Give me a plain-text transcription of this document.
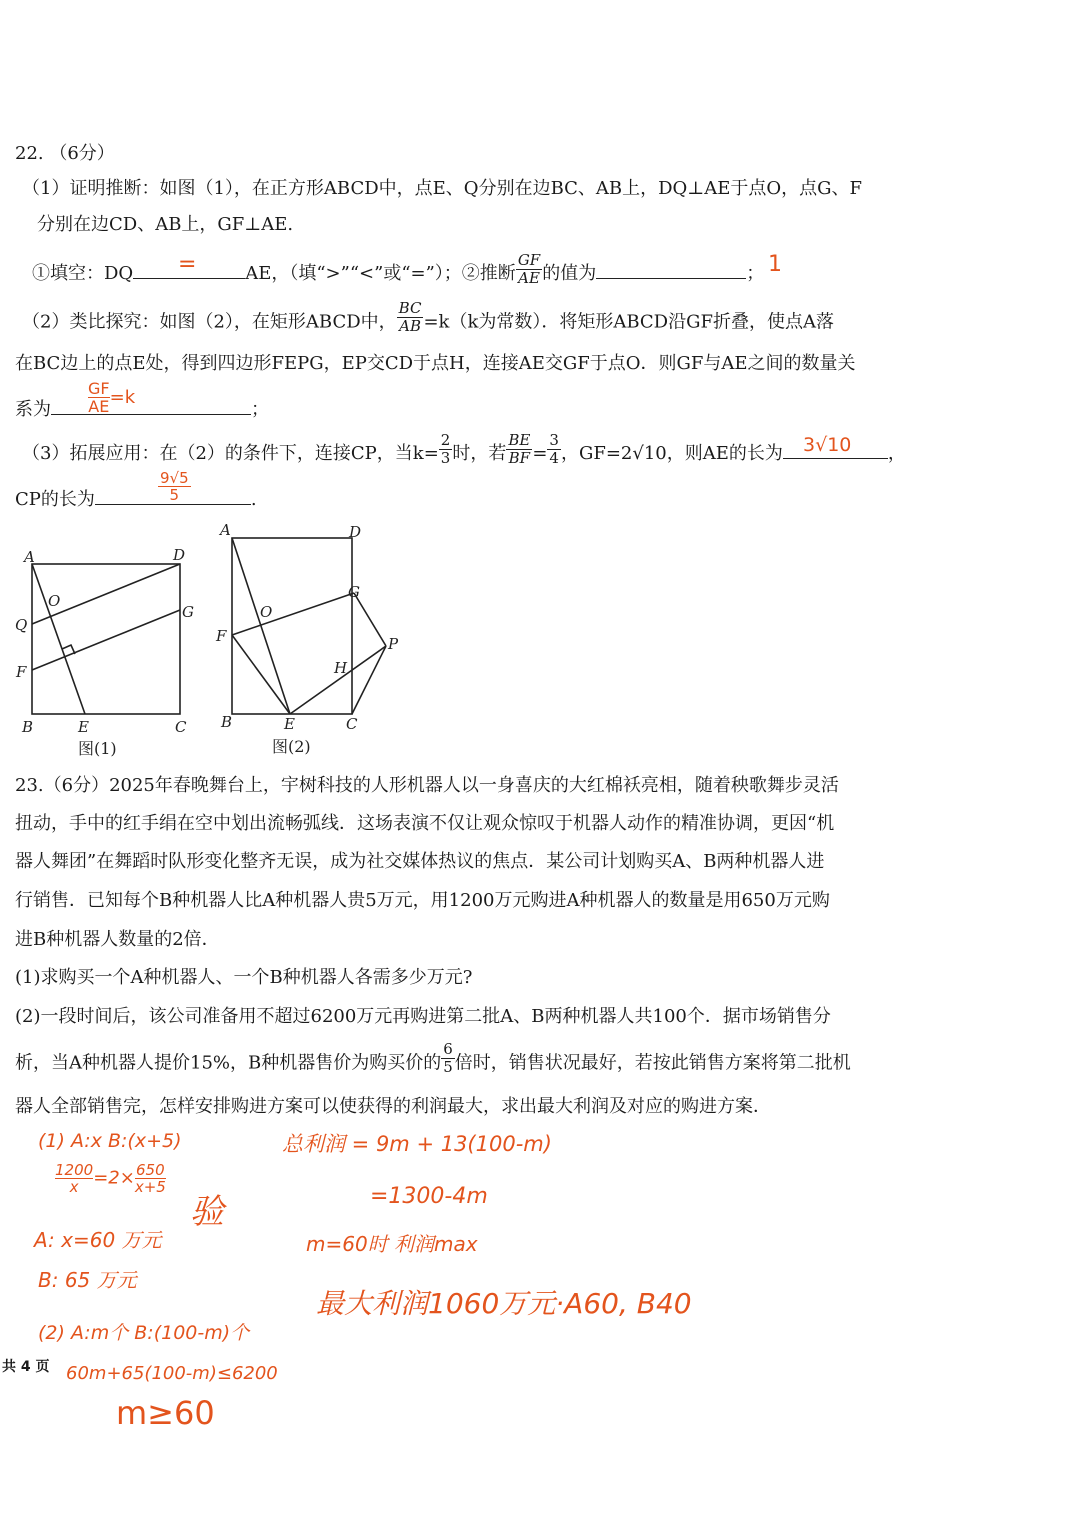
22. （6分）
（1）证明推断：如图（1），在正方形ABCD中，点E、Q分别在边BC、AB上，DQ⊥AE于点O，点G、F
分别在边CD、AB上，GF⊥AE.
①填空：DQ	AE，（填“>”“<”或“=”）；②推断 $\frac{GF}{AE}$ 的值为	；
=	1
（2）类比探究：如图（2），在矩形ABCD中， $\frac{BC}{AB} =k(k$为常数）．将矩形ABCD沿GF折叠，使点A落
在BC边上的点E处，得到四边形FEPG，EP交CD于点H，连接AE交GF于点O．则GF与AE之间的数量关
系为	；
$\frac{GF}{AE} =k$
（3）拓展应用：在（2）的条件下，连接CP，当$k= \frac{2}{3}$ 时，若 $\frac{BE}{BF} = \frac{3}{4}$ ，GF=2√10，则AE的长为	，
3√10
CP的长为	.
9√5
5
A	D
Q
O
G
F
B	E	C
图(1)
A	D
O
G
F	P
H
B	E	C
图(2)
23.（6分）2025年春晚舞台上，宇树科技的人形机器人以一身喜庆的大红棉袄亮相，随着秧歌舞步灵活
扭动，手中的红手绢在空中划出流畅弧线．这场表演不仅让观众惊叹于机器人动作的精准协调，更因“机
器人舞团”在舞蹈时队形变化整齐无误，成为社交媒体热议的焦点．某公司计划购买A、B两种机器人进
行销售．已知每个B种机器人比A种机器人贵5万元，用1200万元购进A种机器人的数量是用650万元购
进B种机器人数量的2倍．
(1)求购买一个A种机器人、一个B种机器人各需多少万元?
(2)一段时间后，该公司准备用不超过6200万元再购进第二批A、B两种机器人共100个．据市场销售分
析，当A种机器人提价15%，B种机器售价为购买价的 $\frac{6}{5}$ 倍时，销售状况最好，若按此销售方案将第二批机
器人全部销售完，怎样安排购进方案可以使获得的利润最大，求出最大利润及对应的购进方案．
(1) A:x B:(x+5)
$\frac{1200}{x} =2\times \frac{650}{x+5}$
验
A: x=60 万元
B: 65 万元
(2) A:m个 B:(100-m)个
60m+65(100-m)≤6200
m≥60
总利润 = 9m + 13(100-m)
=1300-4m
m=60时 利润max
最大利润1060万元·A60, B40
共 4 页
